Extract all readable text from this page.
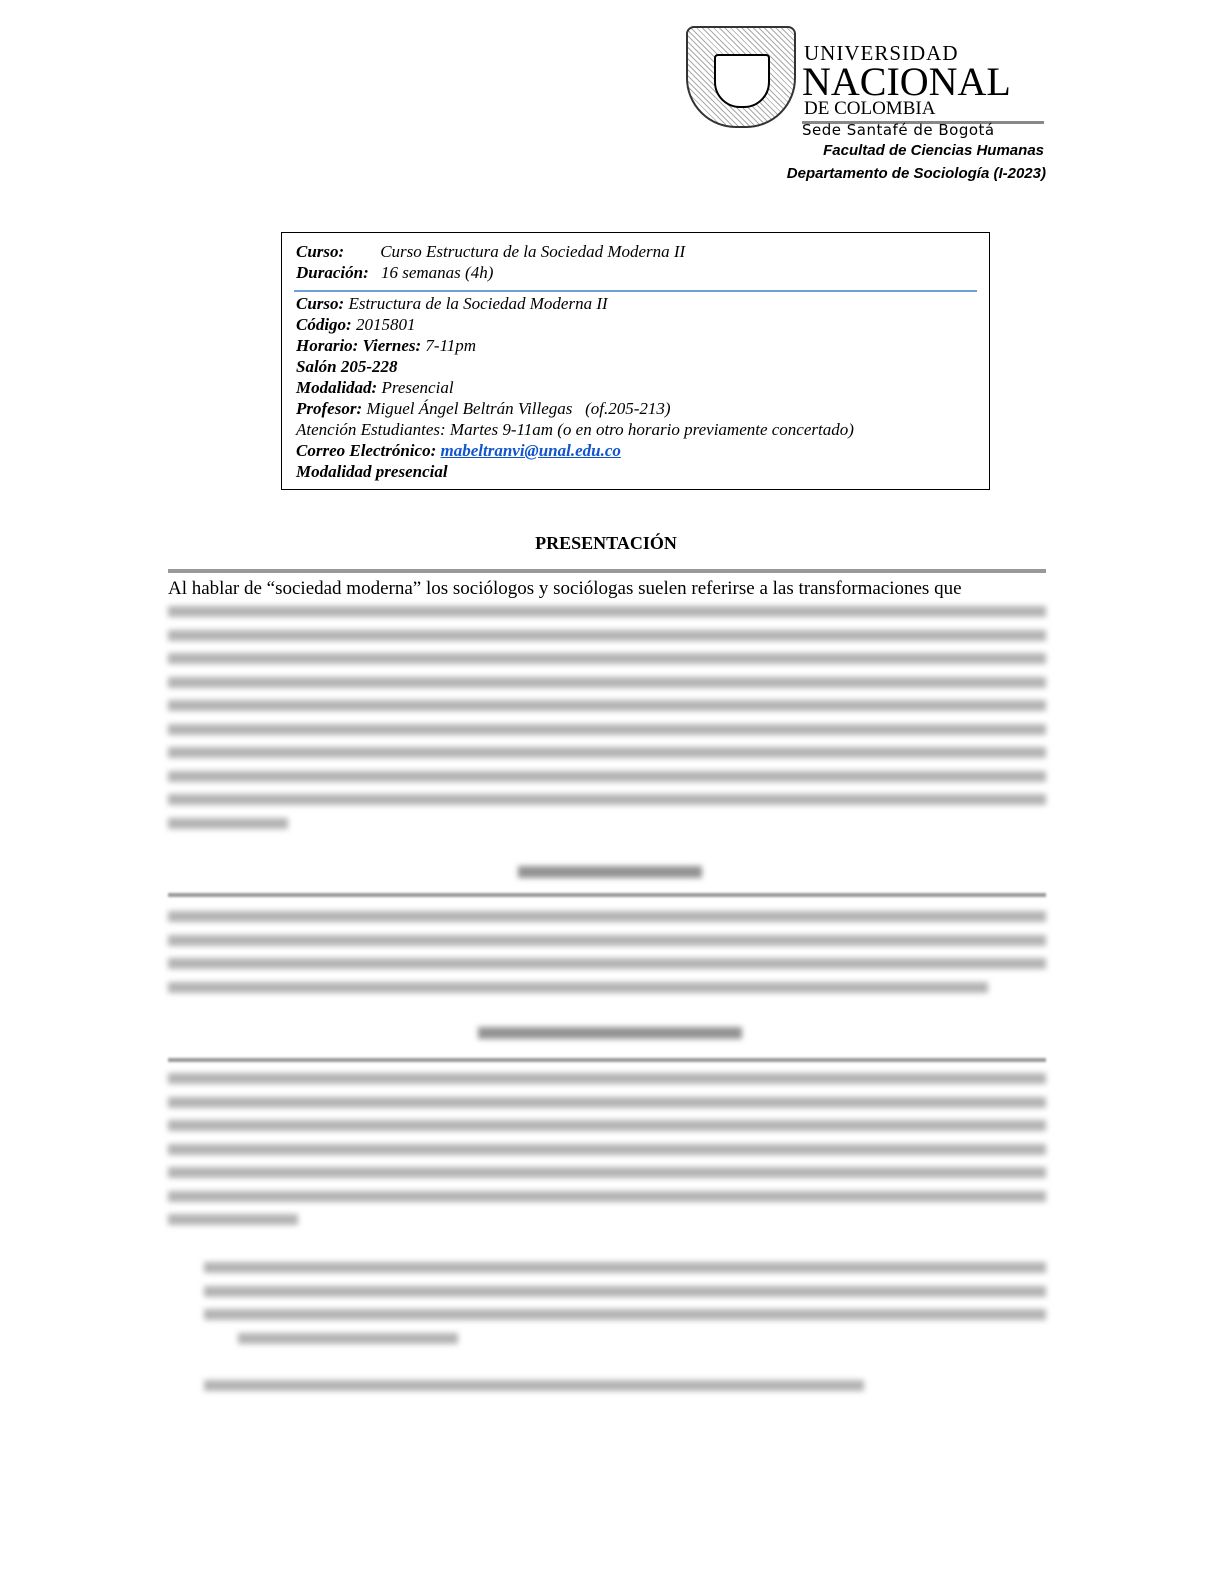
UNIVERSIDAD
NACIONAL
DE COLOMBIA
Sede Santafé de Bogotá
Facultad de Ciencias Humanas
Departamento de Sociología (I-2023)
Curso: Curso Estructura de la Sociedad Moderna II
Duración: 16 semanas (4h)
Curso: Estructura de la Sociedad Moderna II
Código: 2015801
Horario: Viernes: 7-11pm
Salón 205-228
Modalidad: Presencial
Profesor: Miguel Ángel Beltrán Villegas   (of.205-213)
Atención Estudiantes: Martes 9-11am (o en otro horario previamente concertado)
Correo Electrónico: mabeltranvi@unal.edu.co
Modalidad presencial
PRESENTACIÓN
Al hablar de “sociedad moderna” los sociólogos y sociólogas suelen referirse a las transformaciones que
